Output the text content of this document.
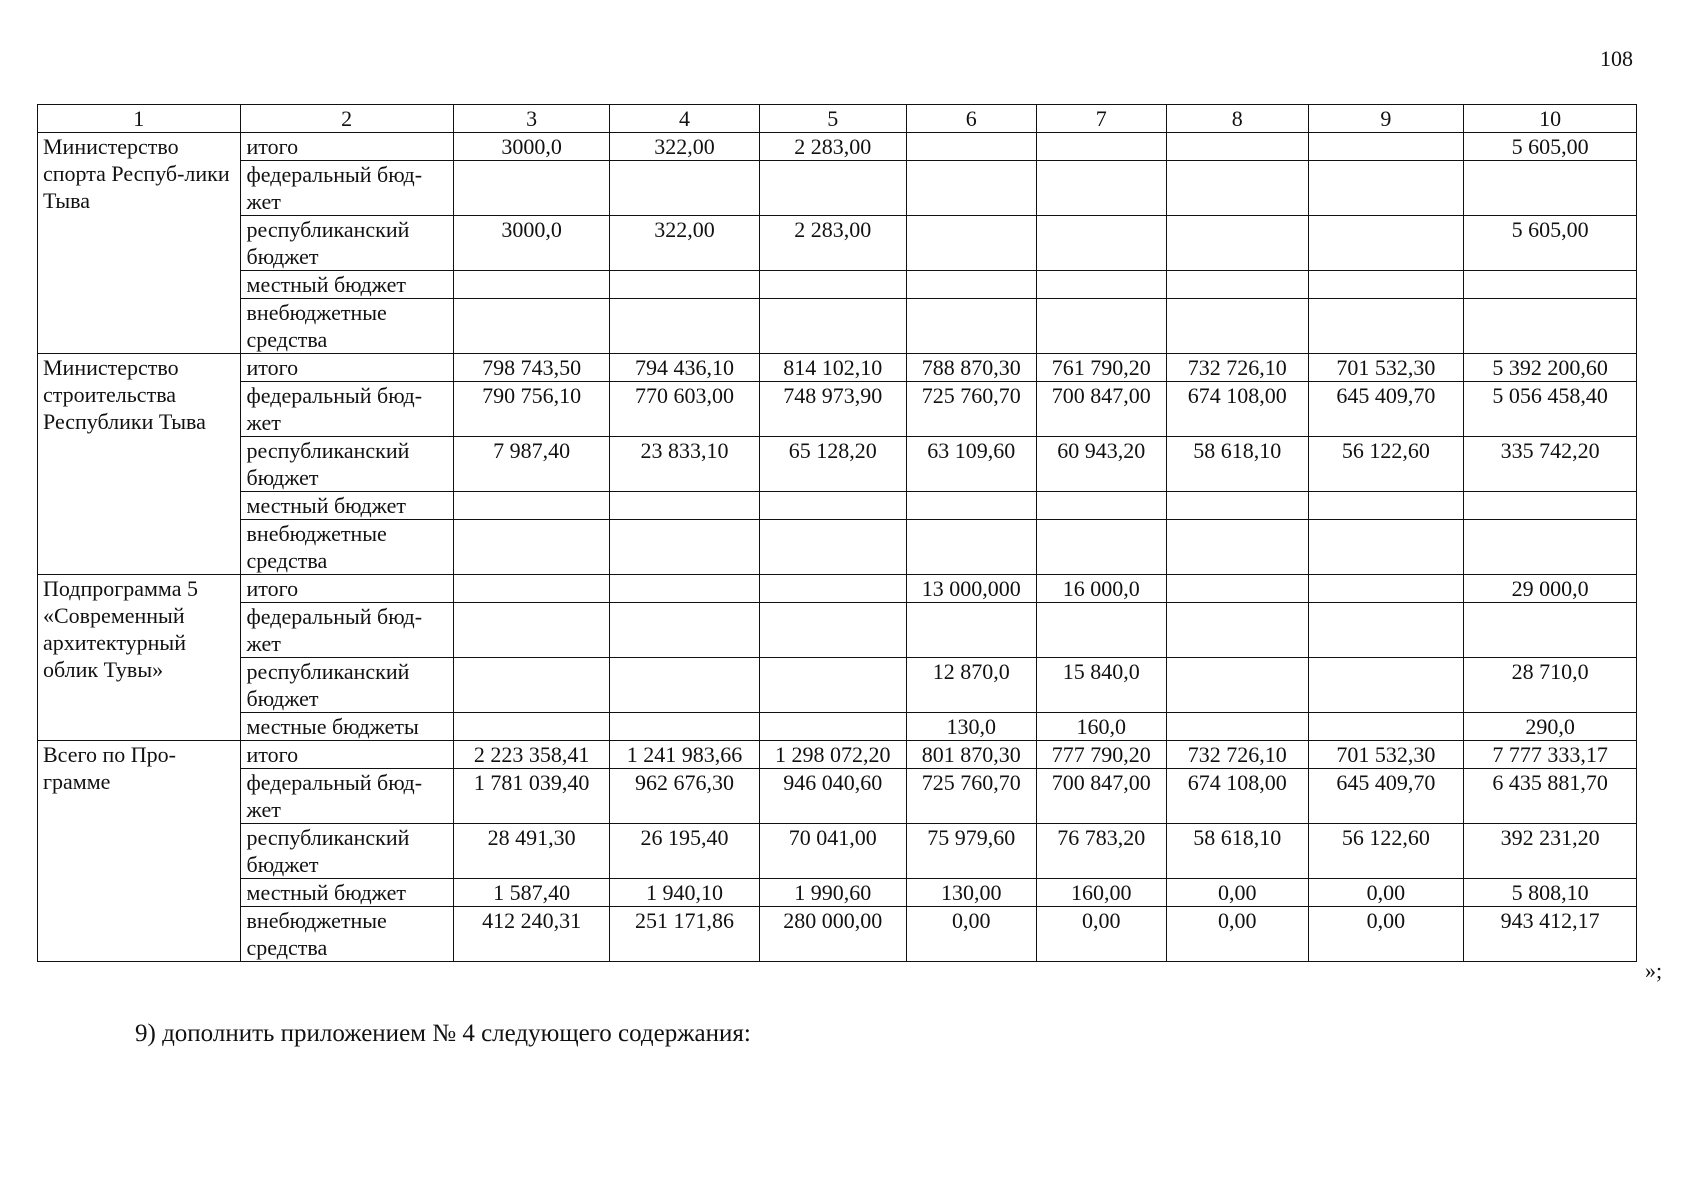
108
1	2	3	4	5	6	7	8	9	10
Министерство спорта Респуб-лики Тыва	итого	3000,0	322,00	2 283,00					5 605,00
	федеральный бюд-жет								
	республиканский бюджет	3000,0	322,00	2 283,00					5 605,00
	местный бюджет								
	внебюджетные средства								
Министерство строительства Республики Тыва	итого	798 743,50	794 436,10	814 102,10	788 870,30	761 790,20	732 726,10	701 532,30	5 392 200,60
	федеральный бюд-жет	790 756,10	770 603,00	748 973,90	725 760,70	700 847,00	674 108,00	645 409,70	5 056 458,40
	республиканский бюджет	7 987,40	23 833,10	65 128,20	63 109,60	60 943,20	58 618,10	56 122,60	335 742,20
	местный бюджет								
	внебюджетные средства								
Подпрограмма 5 «Современный архитектурный облик Тувы»	итого				13 000,000	16 000,0			29 000,0
	федеральный бюд-жет								
	республиканский бюджет				12 870,0	15 840,0			28 710,0
	местные бюджеты				130,0	160,0			290,0
Всего по Про-грамме	итого	2 223 358,41	1 241 983,66	1 298 072,20	801 870,30	777 790,20	732 726,10	701 532,30	7 777 333,17
	федеральный бюд-жет	1 781 039,40	962 676,30	946 040,60	725 760,70	700 847,00	674 108,00	645 409,70	6 435 881,70
	республиканский бюджет	28 491,30	26 195,40	70 041,00	75 979,60	76 783,20	58 618,10	56 122,60	392 231,20
	местный бюджет	1 587,40	1 940,10	1 990,60	130,00	160,00	0,00	0,00	5 808,10
	внебюджетные средства	412 240,31	251 171,86	280 000,00	0,00	0,00	0,00	0,00	943 412,17
»;
9) дополнить приложением № 4 следующего содержания:
